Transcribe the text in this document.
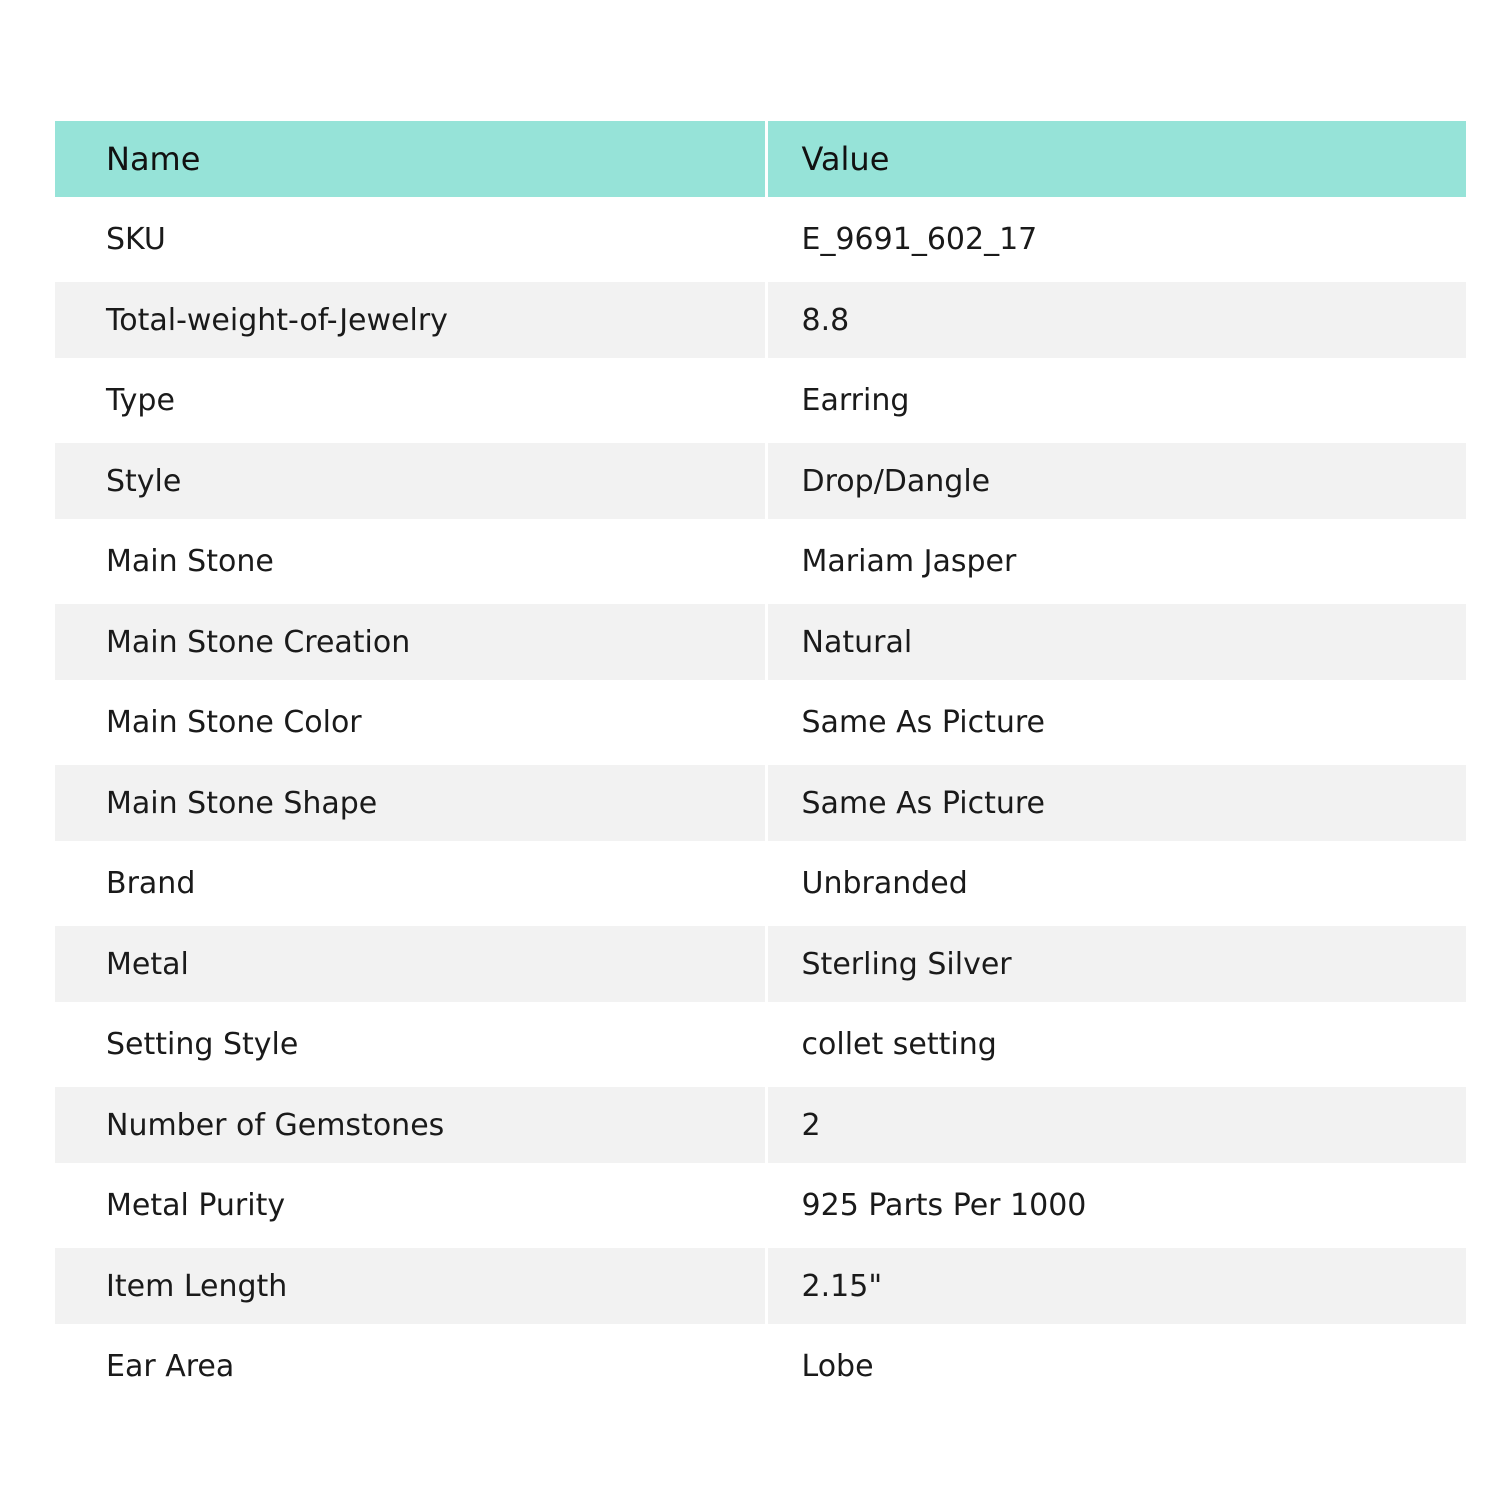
Name	Value
SKU	E_9691_602_17
Total-weight-of-Jewelry	8.8
Type	Earring
Style	Drop/Dangle
Main Stone	Mariam Jasper
Main Stone Creation	Natural
Main Stone Color	Same As Picture
Main Stone Shape	Same As Picture
Brand	Unbranded
Metal	Sterling Silver
Setting Style	collet setting
Number of Gemstones	2
Metal Purity	925 Parts Per 1000
Item Length	2.15"
Ear Area	Lobe
